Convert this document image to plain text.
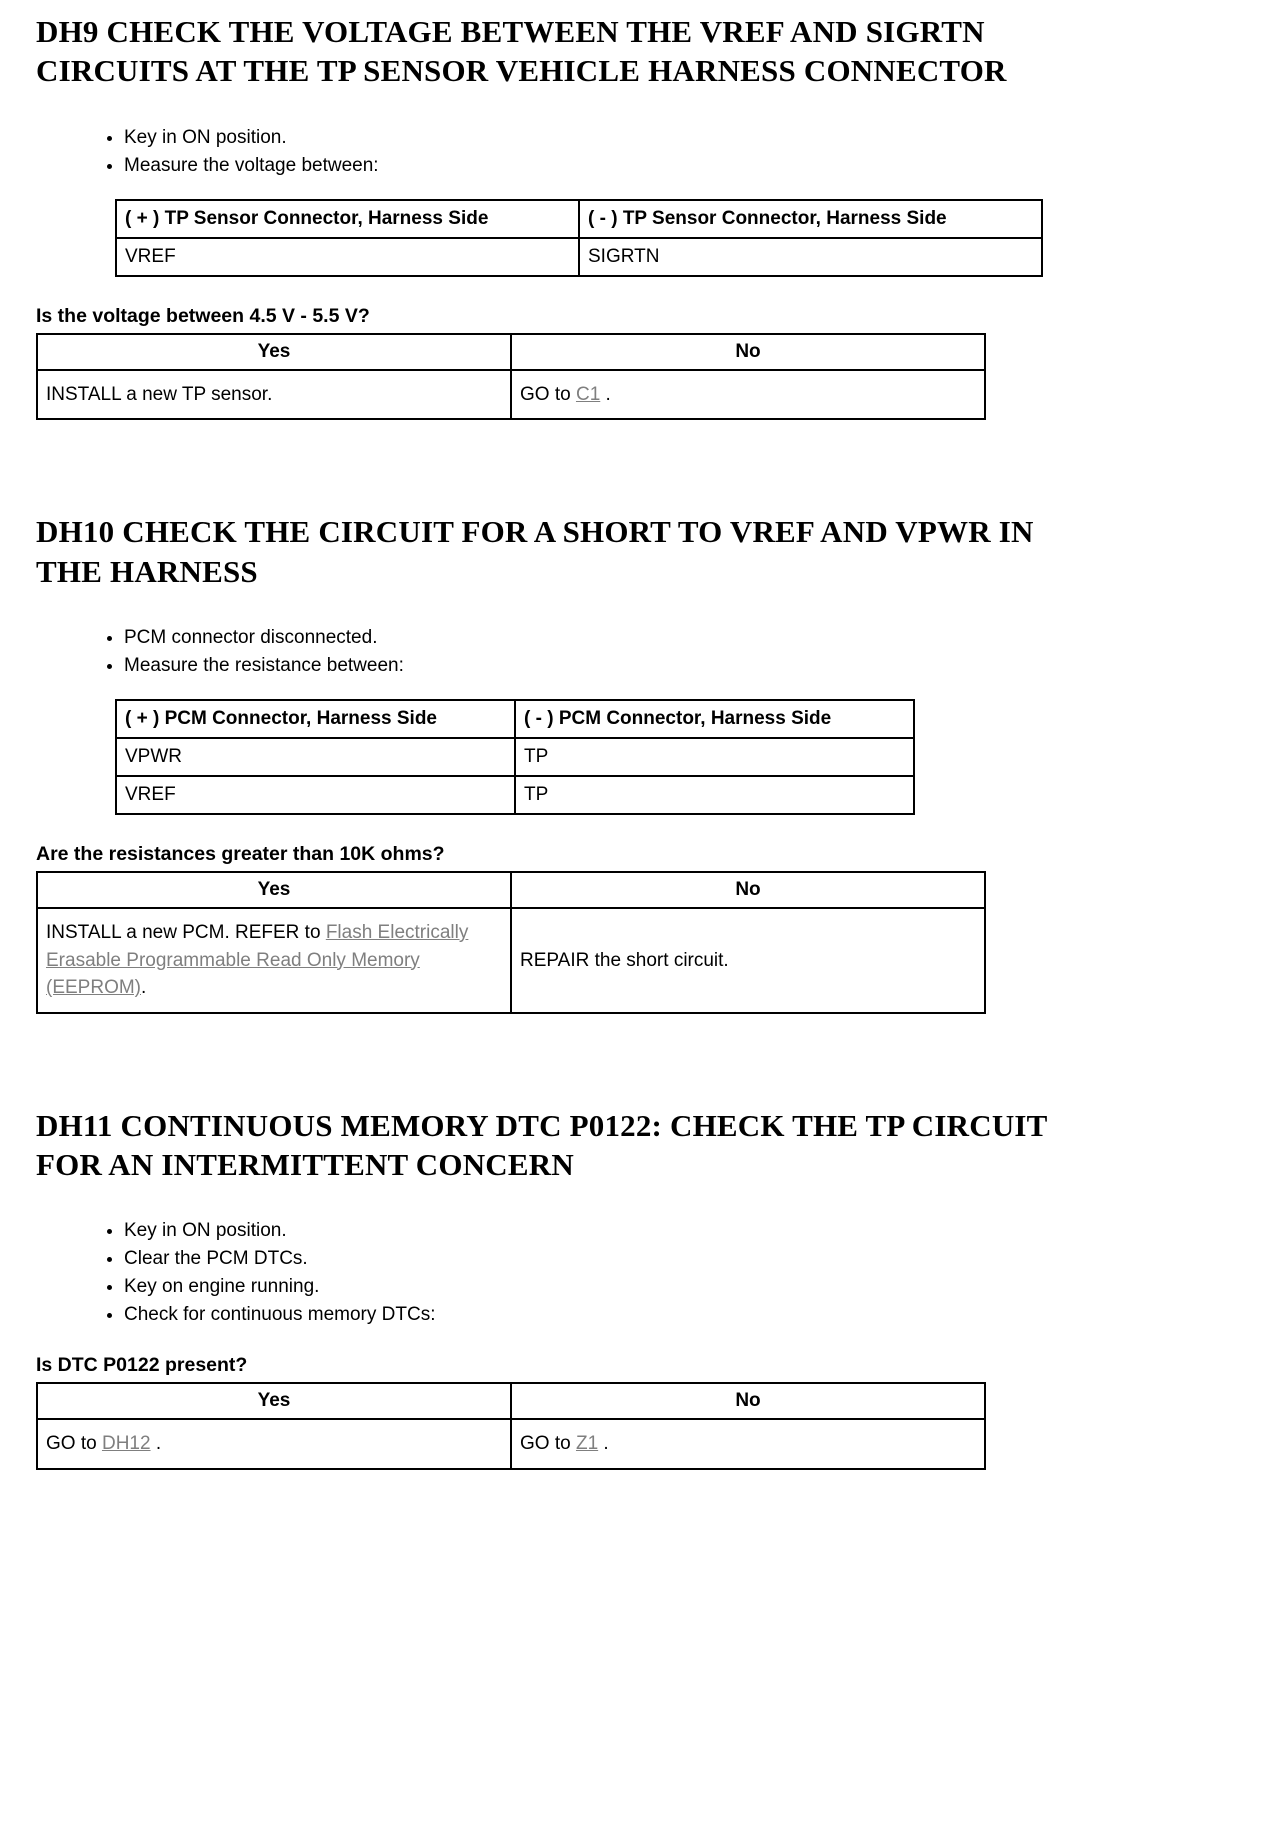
DH9 CHECK THE VOLTAGE BETWEEN THE VREF AND SIGRTN CIRCUITS AT THE TP SENSOR VEHICLE HARNESS CONNECTOR
• Key in ON position.
• Measure the voltage between:
( + ) TP Sensor Connector, Harness Side	( - ) TP Sensor Connector, Harness Side
VREF	SIGRTN

Is the voltage between 4.5 V - 5.5 V?

Yes	No
INSTALL a new TP sensor.	GO to C1 .
DH10 CHECK THE CIRCUIT FOR A SHORT TO VREF AND VPWR IN THE HARNESS
• PCM connector disconnected.
• Measure the resistance between:
( + ) PCM Connector, Harness Side	( - ) PCM Connector, Harness Side
VPWR	TP
VREF	TP

Are the resistances greater than 10K ohms?

Yes	No
INSTALL a new PCM. REFER to Flash Electrically Erasable Programmable Read Only Memory (EEPROM).	REPAIR the short circuit.
DH11 CONTINUOUS MEMORY DTC P0122: CHECK THE TP CIRCUIT FOR AN INTERMITTENT CONCERN
• Key in ON position.
• Clear the PCM DTCs.
• Key on engine running.
• Check for continuous memory DTCs:

Is DTC P0122 present?

Yes	No
GO to DH12 .	GO to Z1 .
